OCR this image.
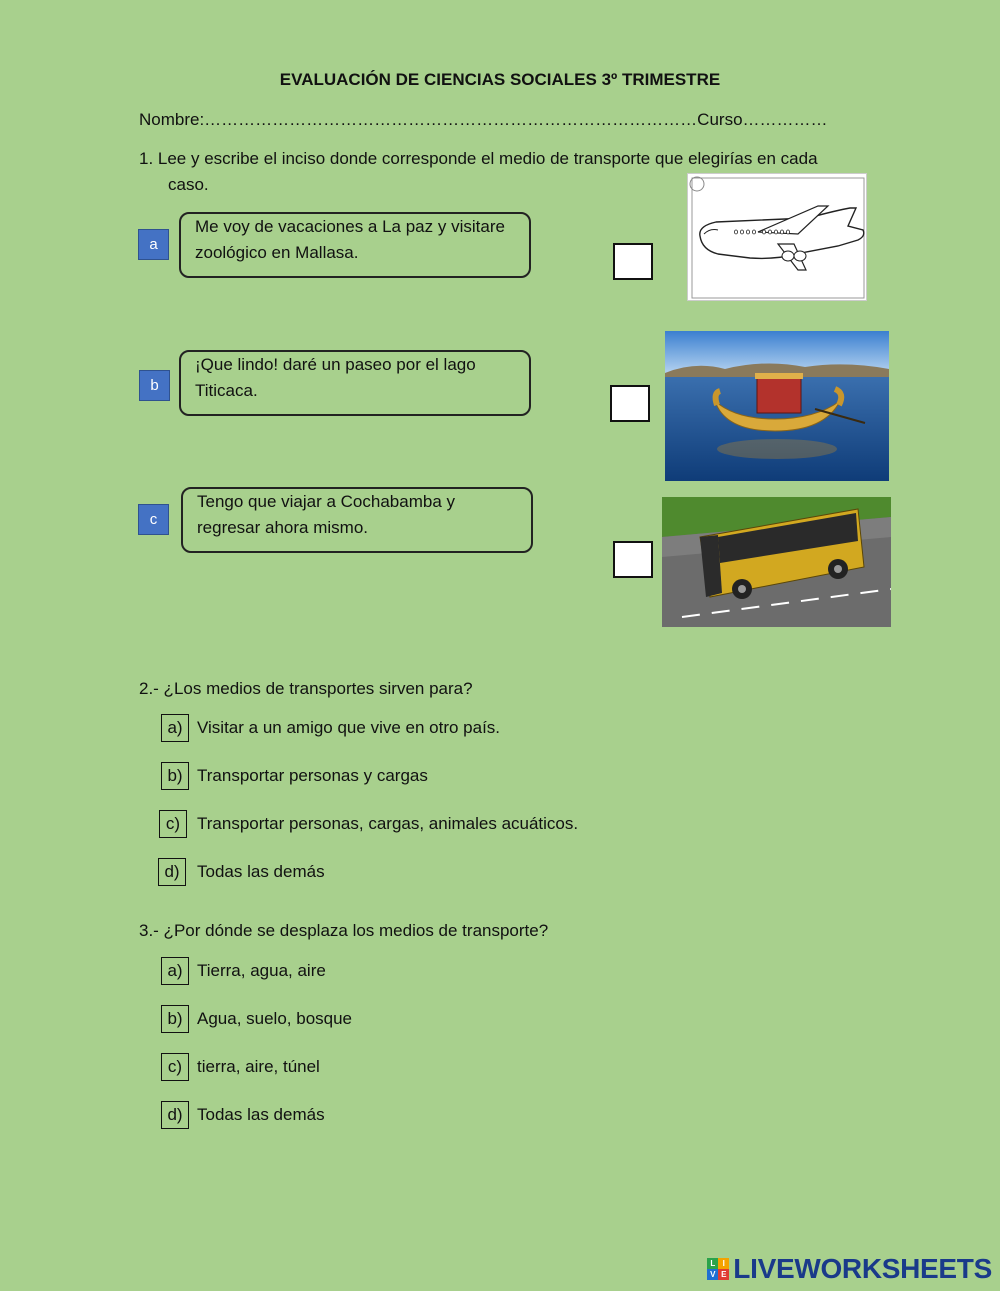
EVALUACIÓN DE CIENCIAS SOCIALES 3º TRIMESTRE
Nombre:……………………………………………………………………………Curso……………
1. Lee y escribe el inciso donde corresponde el medio de transporte que elegirías en cada
caso.
a
Me voy de vacaciones a La paz y visitare
zoológico en Mallasa.
b
¡Que lindo! daré un paseo por el lago
Titicaca.
c
Tengo que viajar a Cochabamba y
regresar ahora mismo.
2.- ¿Los medios de transportes sirven para?
a) Visitar a un amigo que vive en otro país.
b) Transportar personas y cargas
c) Transportar personas, cargas, animales acuáticos.
d)	Todas las demás
3.- ¿Por dónde se desplaza los medios de transporte?
a) Tierra, agua, aire
b) Agua, suelo, bosque
c) tierra, aire, túnel
d) Todas las demás
L I
V E LIVEWORKSHEETS
